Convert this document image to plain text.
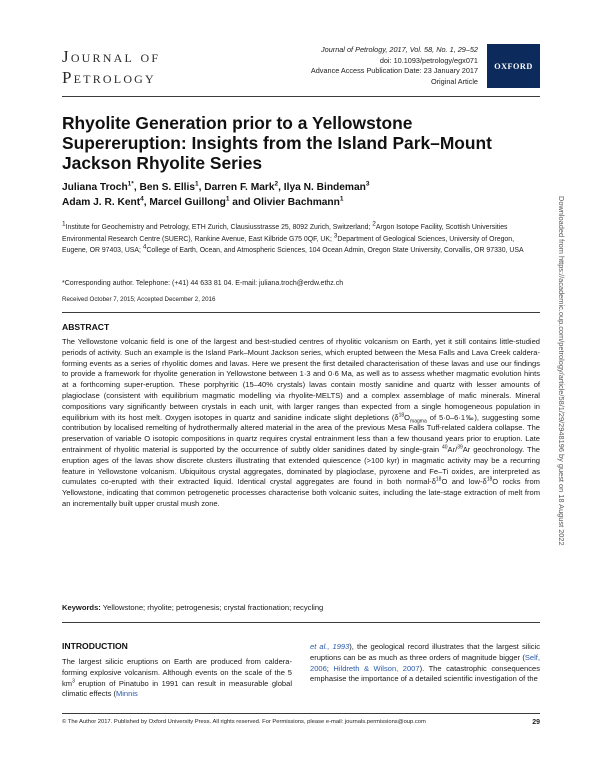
Journal of
Petrology
Journal of Petrology, 2017, Vol. 58, No. 1, 29–52
doi: 10.1093/petrology/egx071
Advance Access Publication Date: 23 January 2017
Original Article
OXFORD
Rhyolite Generation prior to a Yellowstone Supereruption: Insights from the Island Park–Mount Jackson Rhyolite Series
Juliana Troch$^{1*}$, Ben S. Ellis$^1$, Darren F. Mark$^2$, Ilya N. Bindeman$^3$
Adam J. R. Kent$^4$, Marcel Guillong$^1$ and Olivier Bachmann$^1$
$^1$Institute for Geochemistry and Petrology, ETH Zurich, Clausiusstrasse 25, 8092 Zurich, Switzerland; $^2$Argon Isotope Facility, Scottish Universities Environmental Research Centre (SUERC), Rankine Avenue, East Kilbride G75 0QF, UK; $^3$Department of Geological Sciences, University of Oregon, Eugene, OR 97403, USA; $^4$College of Earth, Ocean, and Atmospheric Sciences, 104 Ocean Admin, Oregon State University, Corvallis, OR 97330, USA
*Corresponding author. Telephone: (+41) 44 633 81 04. E-mail: juliana.troch@erdw.ethz.ch
Received October 7, 2015; Accepted December 2, 2016
ABSTRACT
The Yellowstone volcanic field is one of the largest and best-studied centres of rhyolitic volcanism on Earth, yet it still contains little-studied periods of activity. Such an example is the Island Park–Mount Jackson series, which erupted between the Mesa Falls and Lava Creek caldera-forming events as a series of rhyolitic domes and lavas. Here we present the first detailed characterisation of these lavas and use our findings to provide a framework for rhyolite generation in Yellowstone between 1·3 and 0·6 Ma, as well as to assess whether magmatic evolution hints at a forthcoming super-eruption. These porphyritic (15–40% crystals) lavas contain mostly sanidine and quartz with lesser amounts of plagioclase (consistent with equilibrium magmatic modelling via rhyolite-MELTS) and a complex assemblage of mafic minerals. Mineral compositions vary significantly between crystals in each unit, with larger ranges than expected from a single homogeneous population in equilibrium with its host melt. Oxygen isotopes in quartz and sanidine indicate slight depletions ($\delta^{18}O_{magma}$ of 5·0–6·1‰), suggesting some contribution by localised remelting of hydrothermally altered material in the area of the previous Mesa Falls Tuff-related caldera collapse. The preservation of variable O isotopic compositions in quartz requires crystal entrainment less than a few thousand years prior to eruption. Late entrainment of rhyolitic material is supported by the occurrence of subtly older sanidines dated by single-grain $^{40}$Ar/$^{39}$Ar geochronology. The eruption ages of the lavas show discrete clusters illustrating that extended quiescence (>100 kyr) in magmatic activity may be a recurring feature in Yellowstone volcanism. Ubiquitous crystal aggregates, dominated by plagioclase, pyroxene and Fe–Ti oxides, are interpreted as cumulates co-erupted with their extracted liquid. Identical crystal aggregates are found in both normal-$\delta^{18}O$ and low-$\delta^{18}O$ rocks from Yellowstone, indicating that common petrogenetic processes characterise both volcanic suites, including the late-stage extraction of melt from an incrementally built upper crustal mush zone.
Keywords: Yellowstone; rhyolite; petrogenesis; crystal fractionation; recycling
INTRODUCTION
The largest silicic eruptions on Earth are produced from caldera-forming explosive volcanism. Although events on the scale of the 5 $km^3$ eruption of Pinatubo in 1991 can result in measurable global climatic effects (Minnis
et al., 1993), the geological record illustrates that the largest silicic eruptions can be as much as three orders of magnitude bigger (Self, 2006; Hildreth & Wilson, 2007). The catastrophic consequences emphasise the importance of a detailed scientific investigation of the
© The Author 2017. Published by Oxford University Press. All rights reserved. For Permissions, please e-mail: journals.permissions@oup.com	29
Downloaded from https://academic.oup.com/petrology/article/58/1/29/2948196 by guest on 18 August 2022
